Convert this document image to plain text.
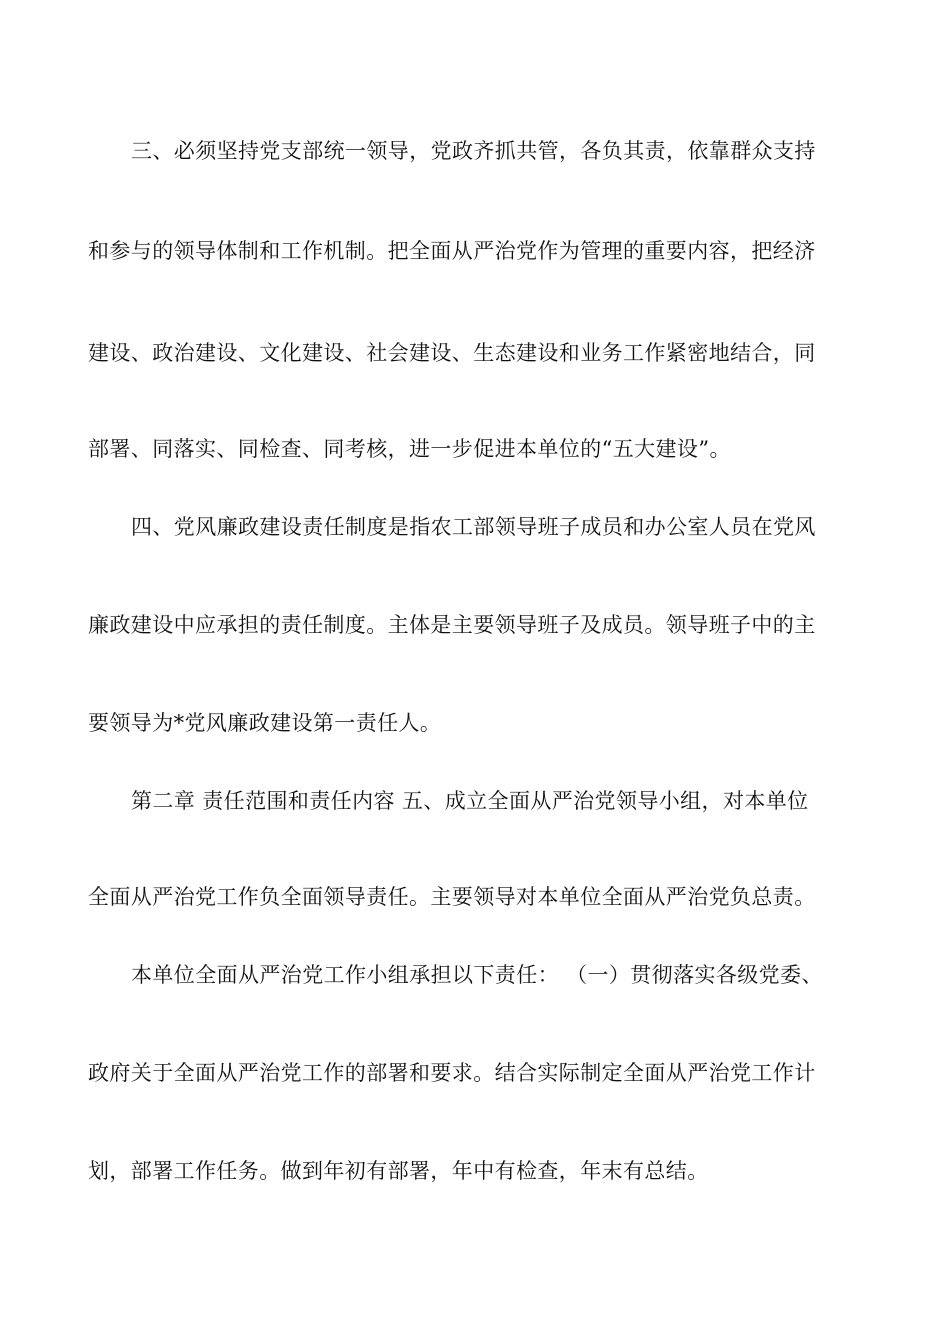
三、必须坚持党支部统一领导，党政齐抓共管，各负其责，依靠群众支持
和参与的领导体制和工作机制。把全面从严治党作为管理的重要内容，把经济
建设、政治建设、文化建设、社会建设、生态建设和业务工作紧密地结合，同
部署、同落实、同检查、同考核，进一步促进本单位的“五大建设”。
四、党风廉政建设责任制度是指农工部领导班子成员和办公室人员在党风
廉政建设中应承担的责任制度。主体是主要领导班子及成员。领导班子中的主
要领导为*党风廉政建设第一责任人。
第二章 责任范围和责任内容 五、成立全面从严治党领导小组，对本单位
全面从严治党工作负全面领导责任。主要领导对本单位全面从严治党负总责。
本单位全面从严治党工作小组承担以下责任： （一）贯彻落实各级党委、
政府关于全面从严治党工作的部署和要求。结合实际制定全面从严治党工作计
划，部署工作任务。做到年初有部署，年中有检查，年末有总结。
